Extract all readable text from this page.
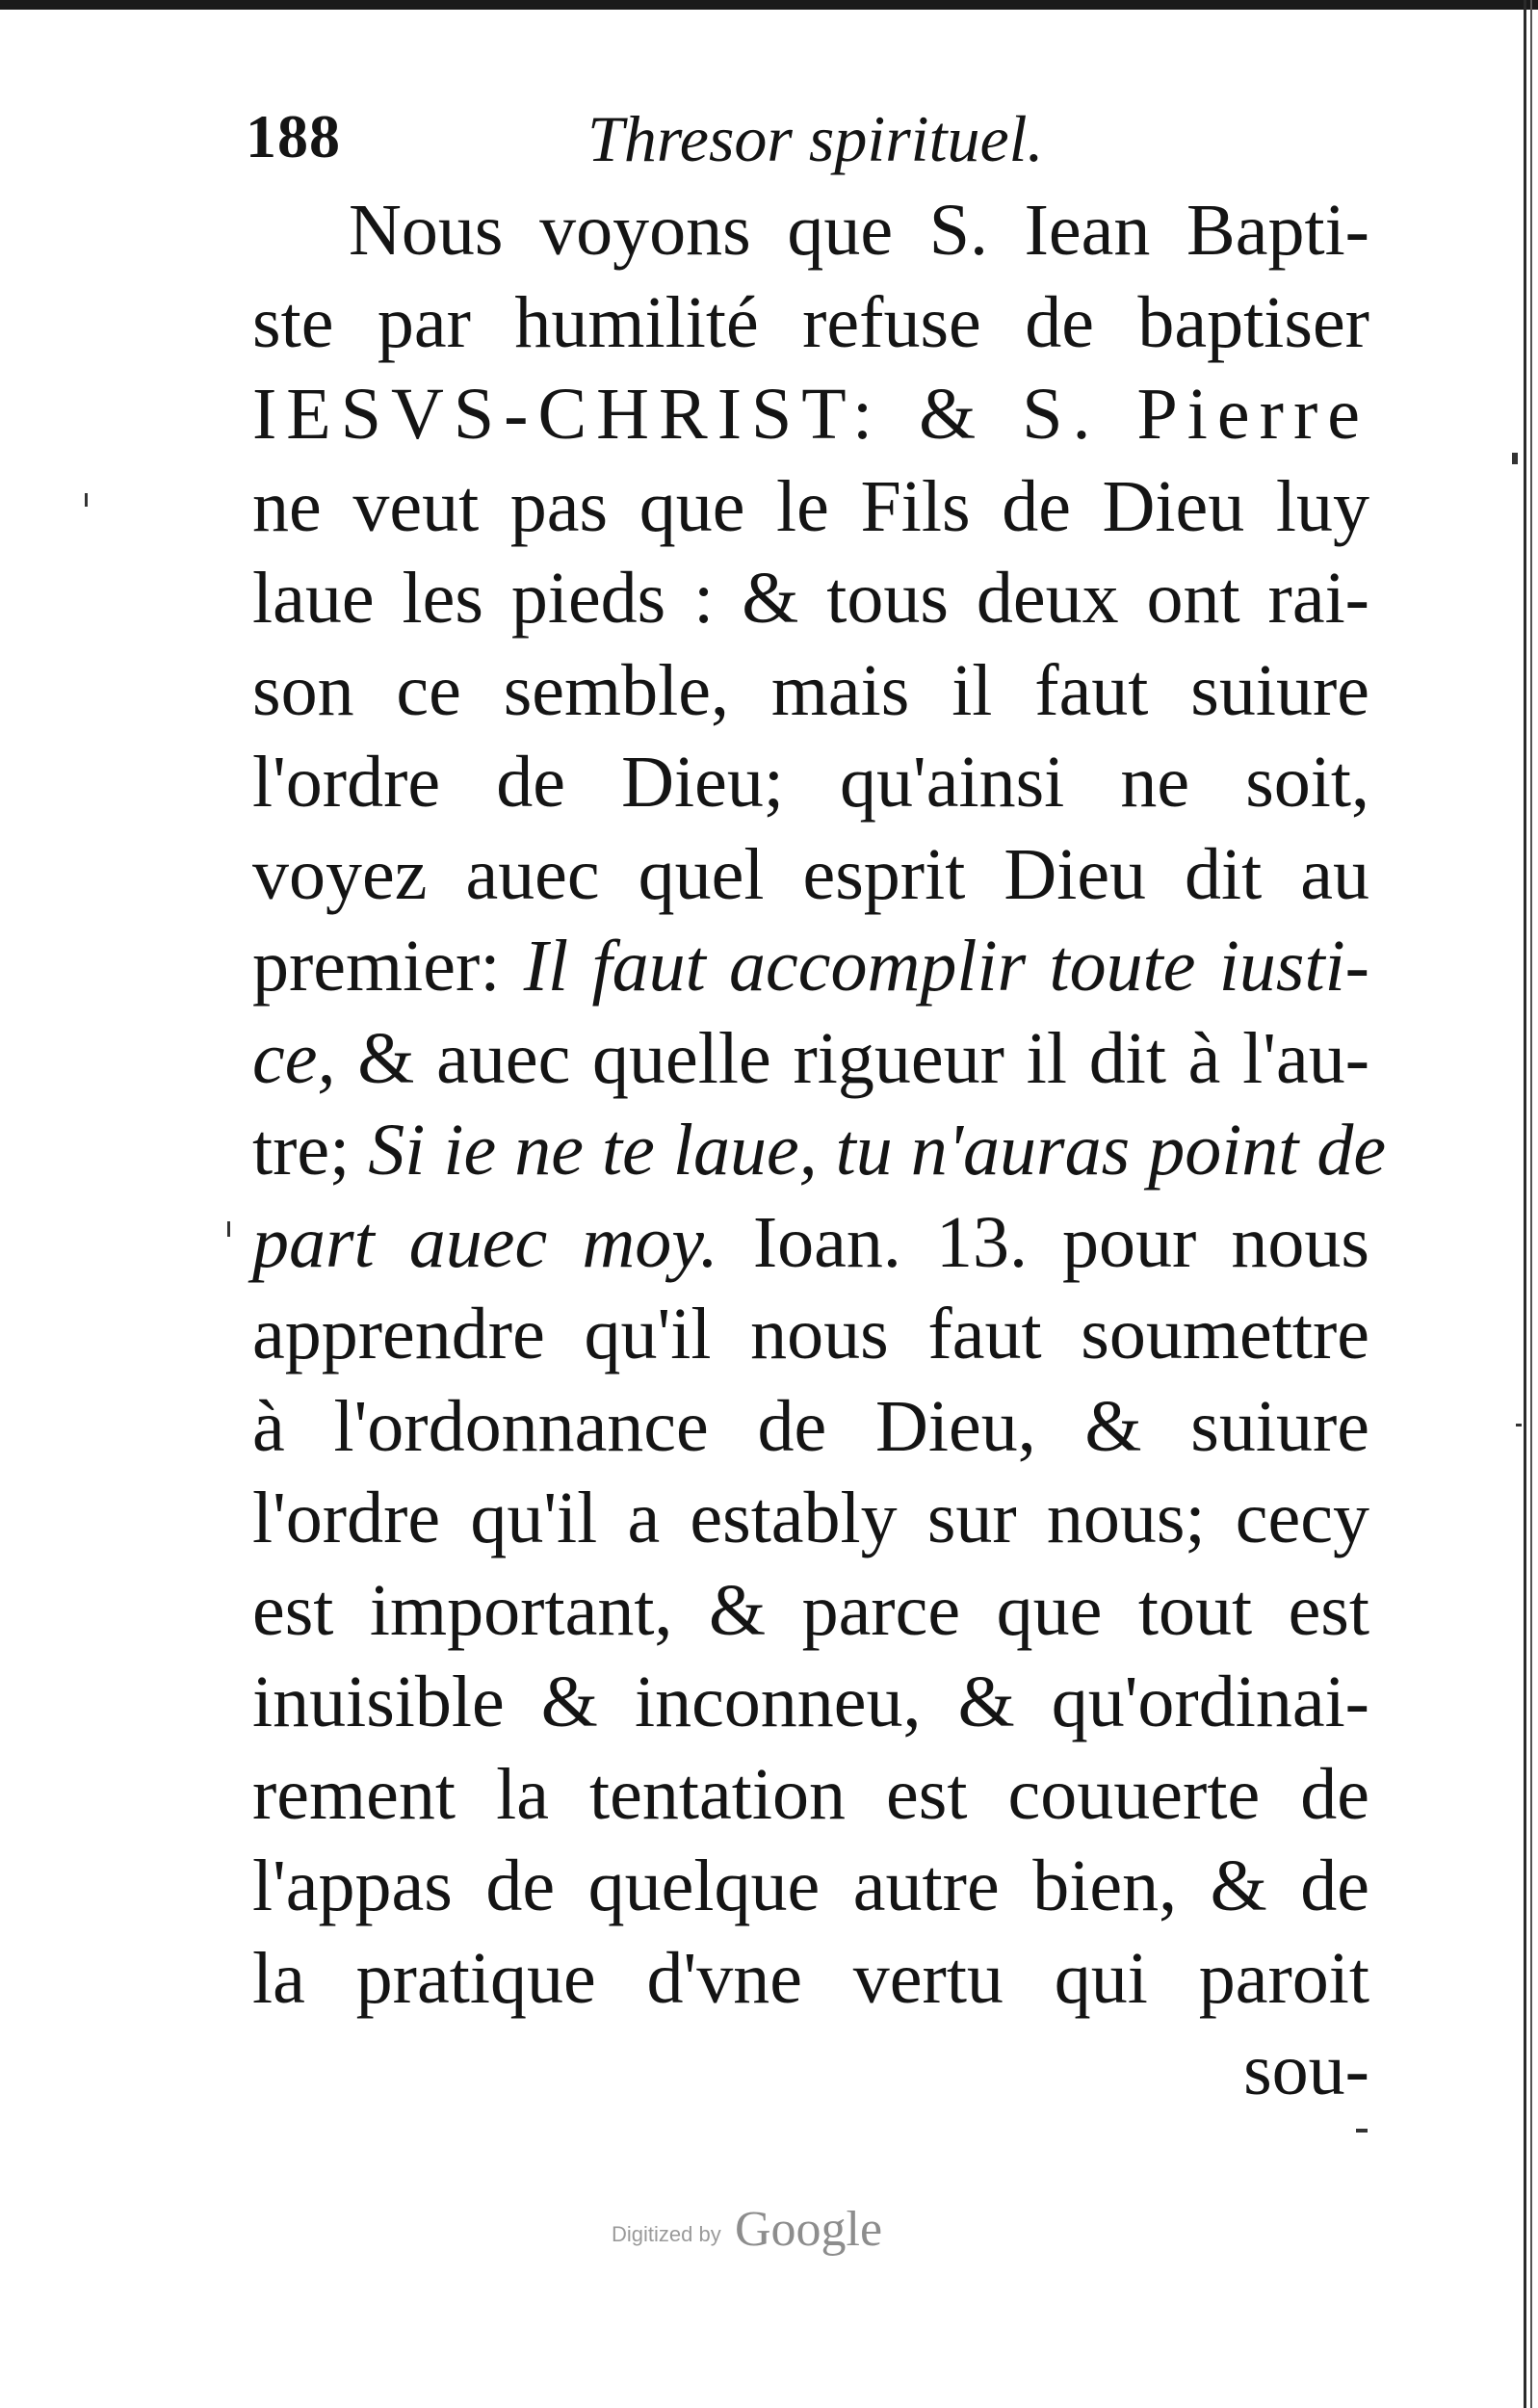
188	Thresor spirituel.
Nous voyons que S. Iean Bapti-
ste par humilité refuse de baptiser
IESVS-CHRIST: & S. Pierre
ne veut pas que le Fils de Dieu luy
laue les pieds : & tous deux ont rai-
son ce semble, mais il faut suiure
l'ordre de Dieu; qu'ainsi ne soit,
voyez auec quel esprit Dieu dit au
premier: Il faut accomplir toute iusti-
ce, & auec quelle rigueur il dit à l'au-
tre; Si ie ne te laue, tu n'auras point de
part auec moy. Ioan. 13. pour nous
apprendre qu'il nous faut soumettre
à l'ordonnance de Dieu, & suiure
l'ordre qu'il a estably sur nous; cecy
est important, & parce que tout est
inuisible & inconneu, & qu'ordinai-
rement la tentation est couuerte de
l'appas de quelque autre bien, & de
la pratique d'vne vertu qui paroit
sou-
Digitized by Google
